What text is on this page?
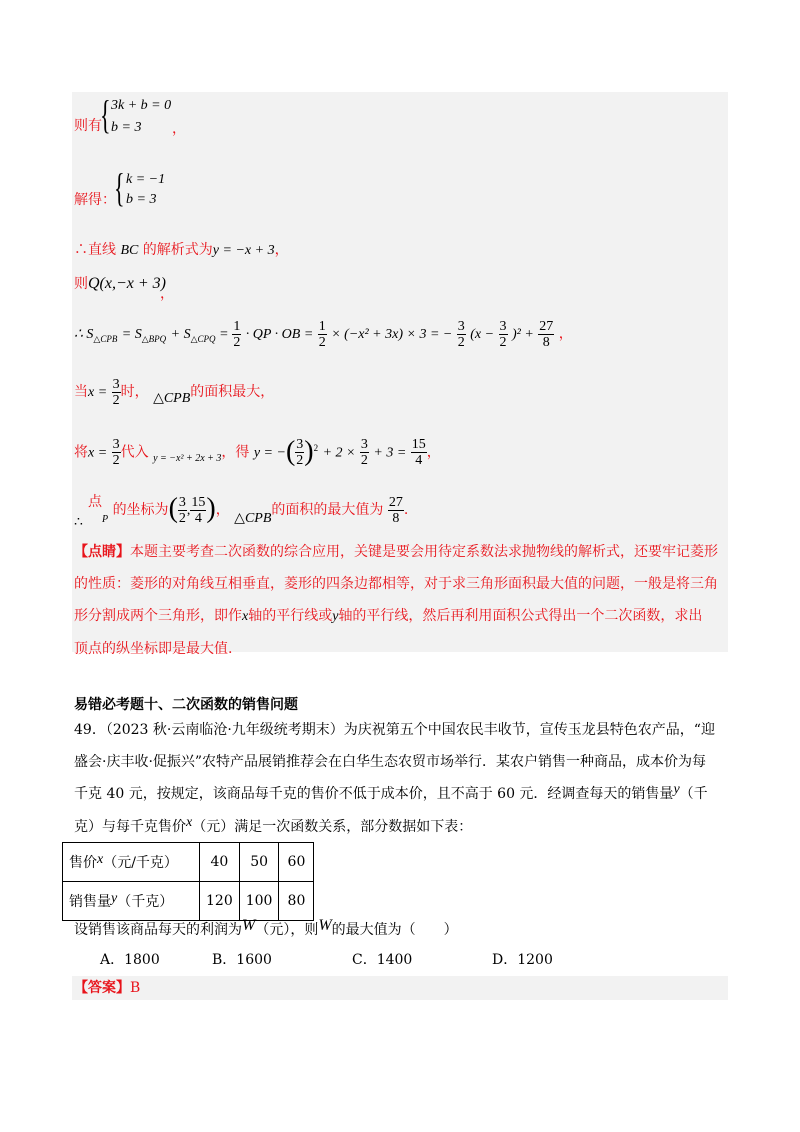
则有
{ 3k + b = 0
b = 3 ，
解得：
{ k = −1
b = 3
∴直线 BC 的解析式为y = −x + 3，
则Q(x,−x + 3)
，
∴ $S_{\triangle CPB} = S_{\triangle BPQ} + S_{\triangle CPQ} = \frac{1}{2}$ · QP · OB = $\frac{1}{2} \times (-x^2 + 3x) \times 3$ = − $\frac{3}{2} (x - \frac{3}{2} )^2 + \frac{27}{8}$ ，
当$x = \frac{3}{2}$ 时， △CPB的面积最大，
将$x = \frac{3}{2}$ 代入 $_{y = -x^2 + 2x + 3}$，得 y = −( $\frac{3}{2} )^2 + 2 \times \frac{3}{2} + 3 = \frac{15}{4}$ ，
∴
点$_P$ 的坐标为( $\frac{3}{2}$ , $\frac{15}{4}$ )， △CPB的面积的最大值为 $\frac{27}{8}$ .
【点睛】本题主要考查二次函数的综合应用，关键是要会用待定系数法求抛物线的解析式，还要牢记菱形
的性质：菱形的对角线互相垂直，菱形的四条边都相等，对于求三角形面积最大值的问题，一般是将三角
形分割成两个三角形，即作x轴的平行线或y轴的平行线，然后再利用面积公式得出一个二次函数，求出
顶点的纵坐标即是最大值.
易错必考题十、二次函数的销售问题
49．（2023 秋·云南临沧·九年级统考期末）为庆祝第五个中国农民丰收节，宣传玉龙县特色农产品，“迎
盛会·庆丰收·促振兴”农特产品展销推荐会在白华生态农贸市场举行．某农户销售一种商品，成本价为每
千克 40 元，按规定，该商品每千克的售价不低于成本价，且不高于 60 元．经调查每天的销售量y（千
克）与每千克售价x（元）满足一次函数关系，部分数据如下表：
售价x（元/千克）	40	50	60
销售量y（千克）	120	100	80
设销售该商品每天的利润为W（元），则W的最大值为（　　）
A．1800	B．1600	C．1400	D．1200
【答案】B
